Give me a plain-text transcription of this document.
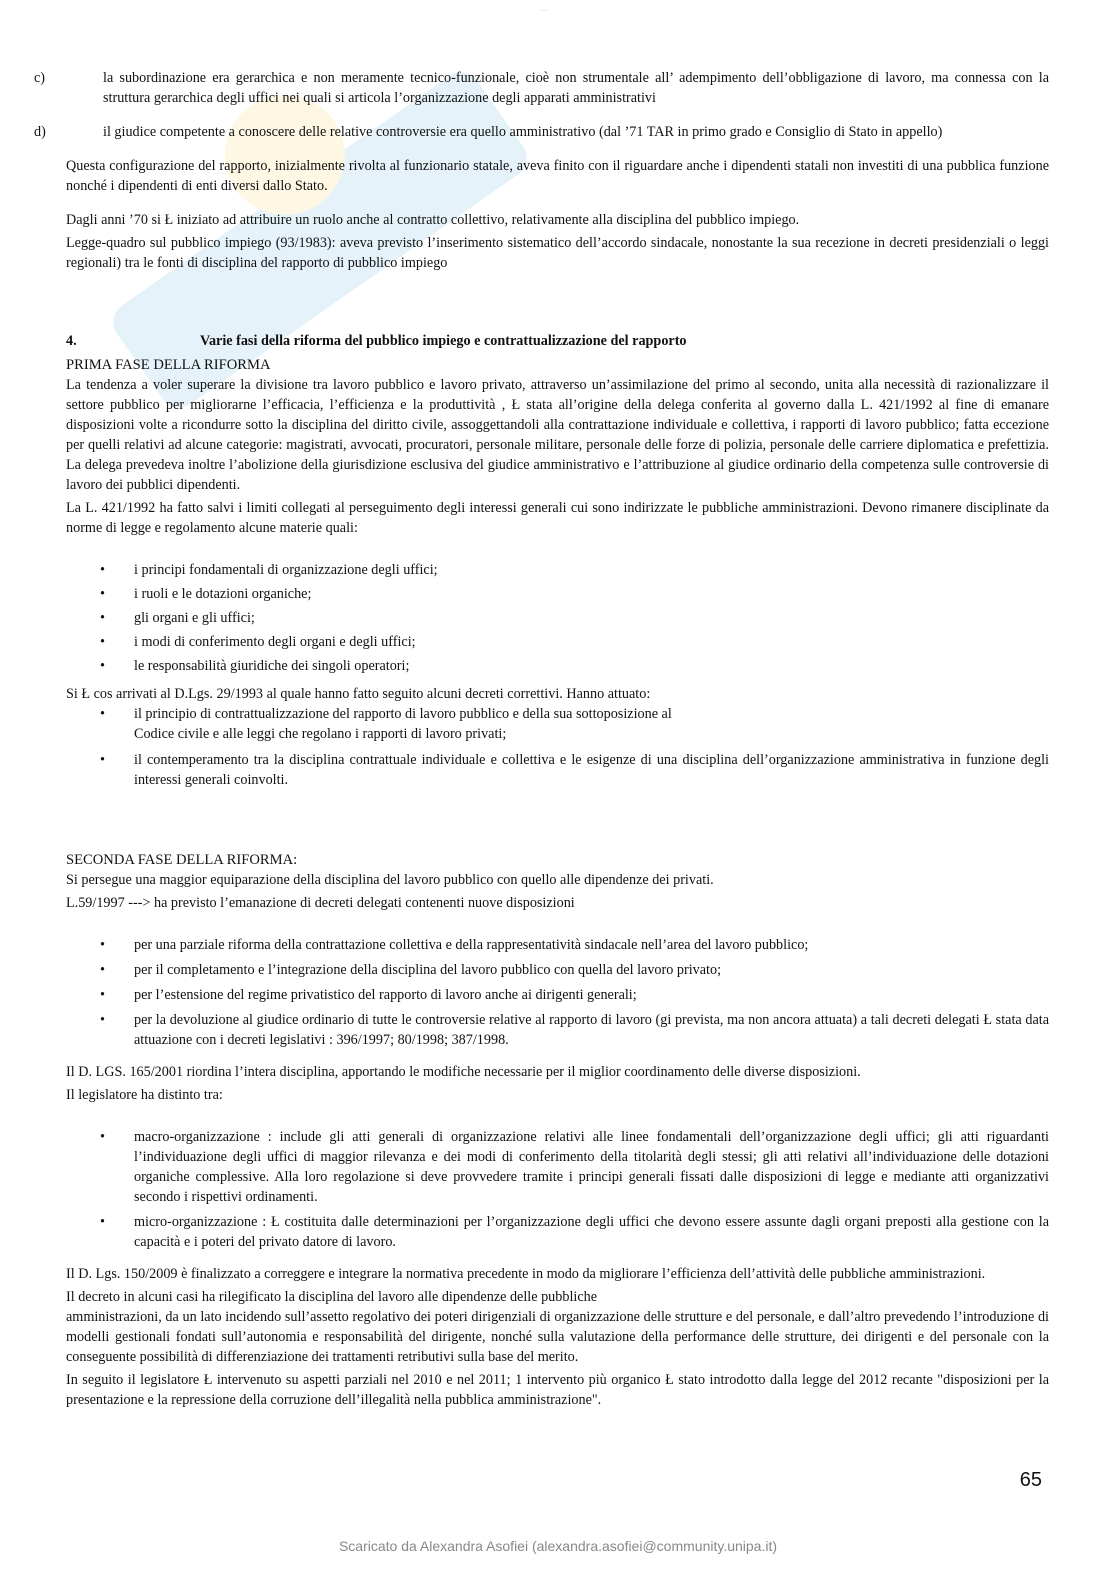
——
c)	la subordinazione era gerarchica e non meramente tecnico-funzionale, cioè non strumentale all’ adempimento dell’obbligazione di lavoro, ma connessa con la struttura gerarchica degli uffici nei quali si articola l’organizzazione degli apparati amministrativi
d)	il giudice competente a conoscere delle relative controversie era quello amministrativo (dal ’71 TAR in primo grado e Consiglio di Stato in appello)

Questa configurazione del rapporto, inizialmente rivolta al funzionario statale, aveva finito con il riguardare anche i dipendenti statali non investiti di una pubblica funzione nonché i dipendenti di enti diversi dallo Stato.

Dagli anni ’70 si Ł iniziato ad attribuire un ruolo anche al contratto collettivo, relativamente alla disciplina del pubblico impiego.

Legge-quadro sul pubblico impiego (93/1983): aveva previsto l’inserimento sistematico dell’accordo sindacale, nonostante la sua recezione in decreti presidenziali o leggi regionali) tra le fonti di disciplina del rapporto di pubblico impiego

4.	Varie fasi della riforma del pubblico impiego e contrattualizzazione del rapporto

PRIMA FASE DELLA RIFORMA

La tendenza a voler superare la divisione tra lavoro pubblico e lavoro privato, attraverso un’assimilazione del primo al secondo, unita alla necessità di razionalizzare il settore pubblico per migliorarne l’efficacia, l’efficienza e la produttività , Ł stata all’origine della delega conferita al governo dalla L. 421/1992 al fine di emanare disposizioni volte a ricondurre sotto la disciplina del diritto civile, assoggettandoli alla contrattazione individuale e collettiva, i rapporti di lavoro pubblico; fatta eccezione per quelli relativi ad alcune categorie: magistrati, avvocati, procuratori, personale militare, personale delle forze di polizia, personale delle carriere diplomatica e prefettizia. La delega prevedeva inoltre l’abolizione della giurisdizione esclusiva del giudice amministrativo e l’attribuzione al giudice ordinario della competenza sulle controversie di lavoro dei pubblici dipendenti.

La L. 421/1992 ha fatto salvi i limiti collegati al perseguimento degli interessi generali cui sono indirizzate le pubbliche amministrazioni. Devono rimanere disciplinate da norme di legge e regolamento alcune materie quali:

• i principi fondamentali di organizzazione degli uffici;
• i ruoli e le dotazioni organiche;
• gli organi e gli uffici;
• i modi di conferimento degli organi e degli uffici;
• le responsabilità giuridiche dei singoli operatori;

Si Ł cos arrivati al D.Lgs. 29/1993 al quale hanno fatto seguito alcuni decreti correttivi. Hanno attuato:

• il principio di contrattualizzazione del rapporto di lavoro pubblico e della sua sottoposizione al
Codice civile e alle leggi che regolano i rapporti di lavoro privati;
• il contemperamento tra la disciplina contrattuale individuale e collettiva e le esigenze di una disciplina dell’organizzazione amministrativa in funzione degli interessi generali coinvolti.

SECONDA FASE DELLA RIFORMA:

Si persegue una maggior equiparazione della disciplina del lavoro pubblico con quello alle dipendenze dei privati.

L.59/1997 ---> ha previsto l’emanazione di decreti delegati contenenti nuove disposizioni

• per una parziale riforma della contrattazione collettiva e della rappresentatività sindacale nell’area del lavoro pubblico;
• per il completamento e l’integrazione della disciplina del lavoro pubblico con quella del lavoro privato;
• per l’estensione del regime privatistico del rapporto di lavoro anche ai dirigenti generali;
• per la devoluzione al giudice ordinario di tutte le controversie relative al rapporto di lavoro (gi prevista, ma non ancora attuata) a tali decreti delegati Ł stata data attuazione con i decreti legislativi : 396/1997; 80/1998; 387/1998.

Il D. LGS. 165/2001 riordina l’intera disciplina, apportando le modifiche necessarie per il miglior coordinamento delle diverse disposizioni.

Il legislatore ha distinto tra:

• macro-organizzazione : include gli atti generali di organizzazione relativi alle linee fondamentali dell’organizzazione degli uffici; gli atti riguardanti l’individuazione degli uffici di maggior rilevanza e dei modi di conferimento della titolarità degli stessi; gli atti relativi all’individuazione delle dotazioni organiche complessive. Alla loro regolazione si deve provvedere tramite i principi generali fissati dalle disposizioni di legge e mediante atti organizzativi secondo i rispettivi ordinamenti.
• micro-organizzazione : Ł costituita dalle determinazioni per l’organizzazione degli uffici che devono essere assunte dagli organi preposti alla gestione con la capacità e i poteri del privato datore di lavoro.

Il D. Lgs. 150/2009 è finalizzato a correggere e integrare la normativa precedente in modo da migliorare l’efficienza dell’attività delle pubbliche amministrazioni.

Il decreto in alcuni casi ha rilegificato la disciplina del lavoro alle dipendenze delle pubbliche

amministrazioni, da un lato incidendo sull’assetto regolativo dei poteri dirigenziali di organizzazione delle strutture e del personale, e dall’altro prevedendo l’introduzione di modelli gestionali fondati sull’autonomia e responsabilità del dirigente, nonché sulla valutazione della performance delle strutture, dei dirigenti e del personale con la conseguente possibilità di differenziazione dei trattamenti retributivi sulla base del merito.

In seguito il legislatore Ł intervenuto su aspetti parziali nel 2010 e nel 2011; 1 intervento più organico Ł stato introdotto dalla legge del 2012 recante "disposizioni per la presentazione e la repressione della corruzione dell’illegalità nella pubblica amministrazione".

65
Scaricato da Alexandra Asofiei (alexandra.asofiei@community.unipa.it)
